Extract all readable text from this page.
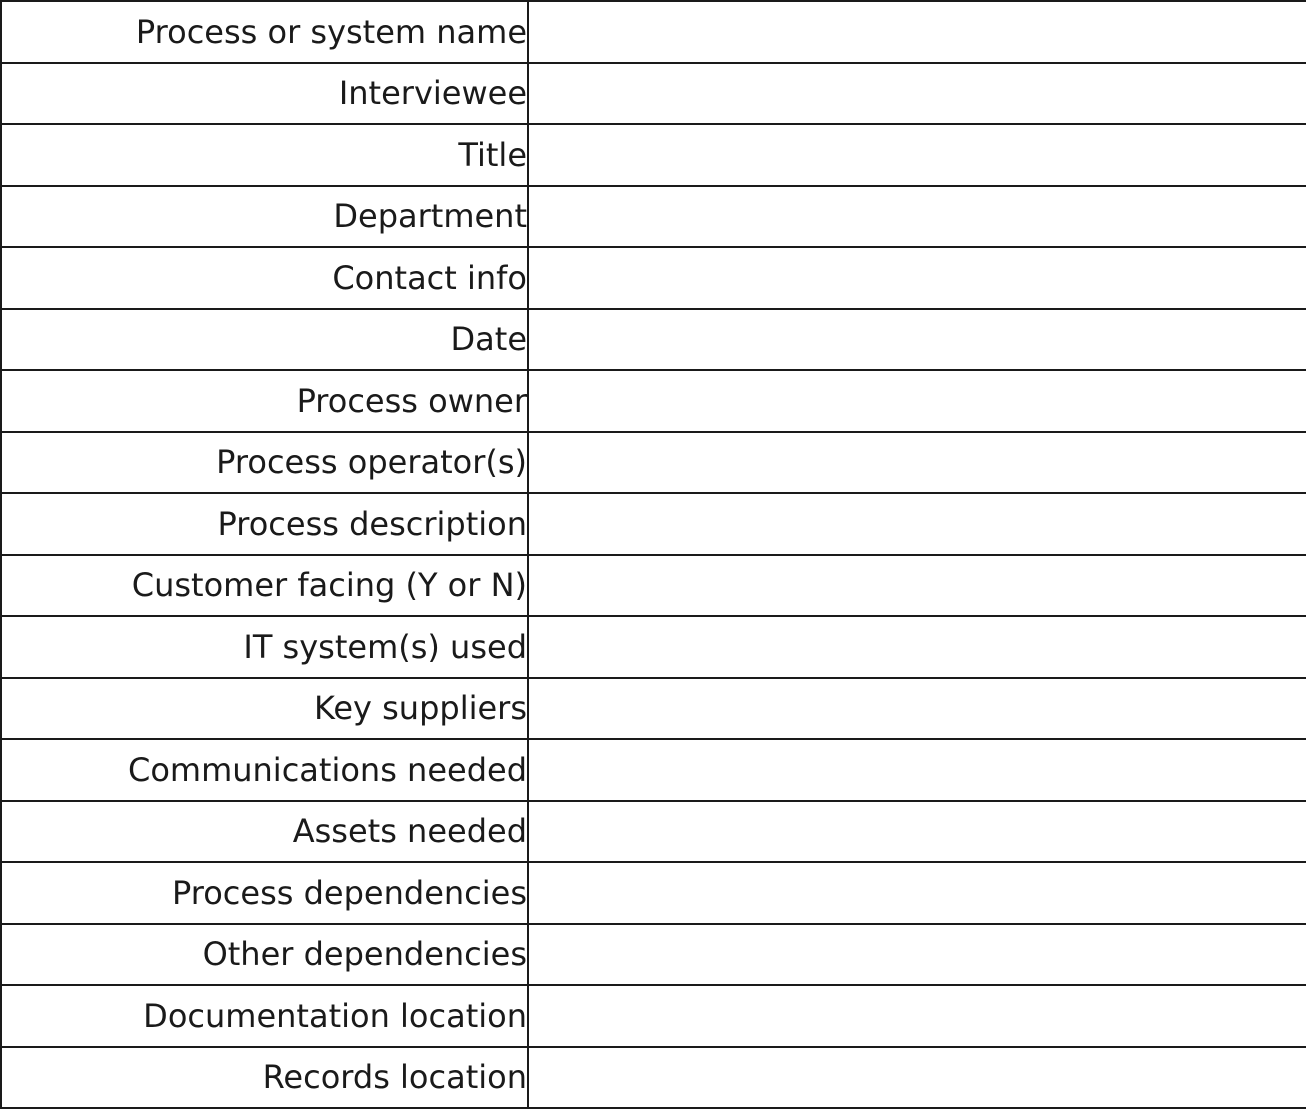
Process or system name	
Interviewee	
Title	
Department	
Contact info	
Date	
Process owner	
Process operator(s)	
Process description	
Customer facing (Y or N)	
IT system(s) used	
Key suppliers	
Communications needed	
Assets needed	
Process dependencies	
Other dependencies	
Documentation location	
Records location	
